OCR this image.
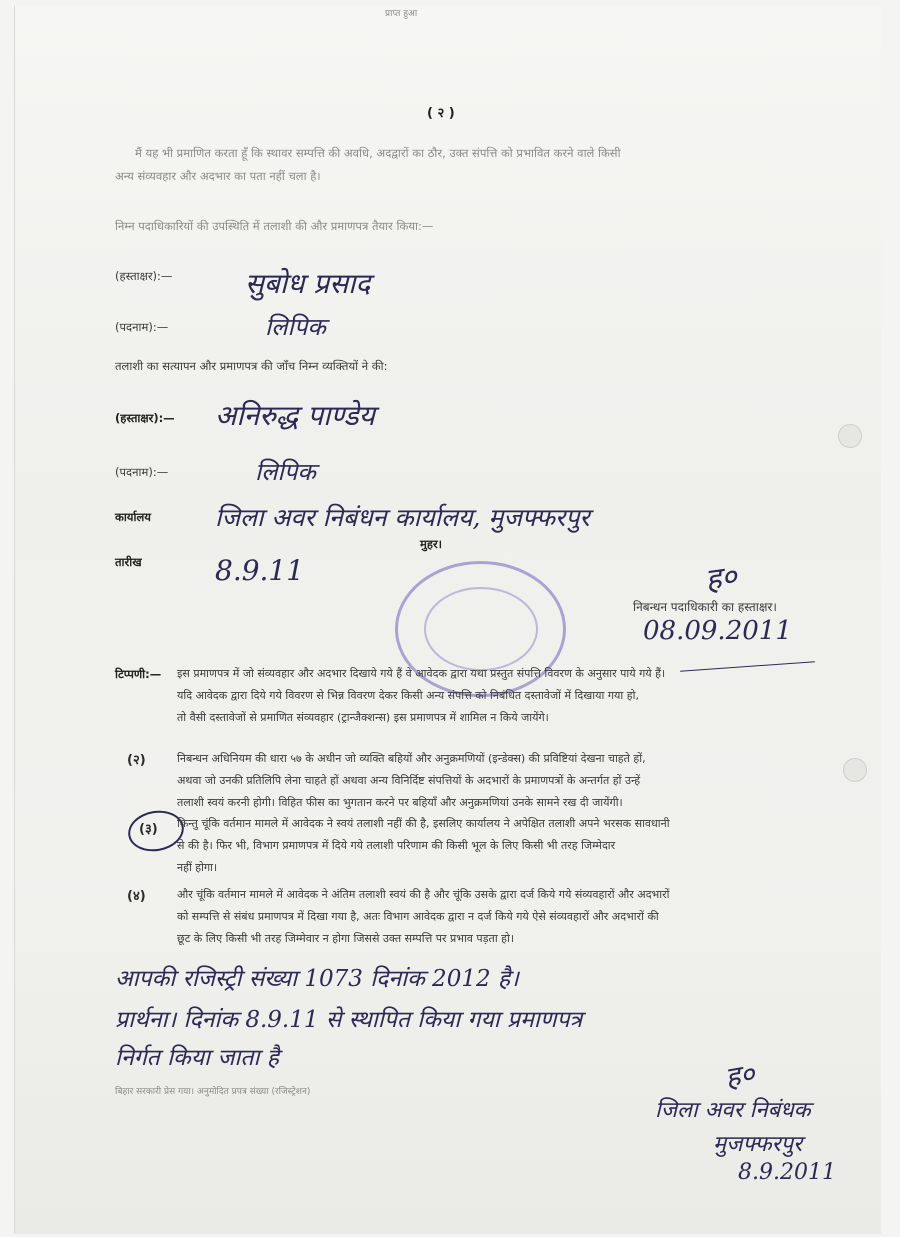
प्राप्त हुआ
( २ )
मैं यह भी प्रमाणित करता हूँ कि स्थावर सम्पत्ति की अवधि, अदद्वारों का ठौर, उक्त संपत्ति को प्रभावित करने वाले किसी
अन्य संव्यवहार और अदभार का पता नहीं चला है।
निम्न पदाधिकारियों की उपस्थिति में तलाशी की और प्रमाणपत्र तैयार किया:—
(हस्ताक्षर):—	सुबोध प्रसाद
(पदनाम):—	लिपिक
तलाशी का सत्यापन और प्रमाणपत्र की जाँच निम्न व्यक्तियों ने की:
(हस्ताक्षर):— अनिरुद्ध पाण्डेय
(पदनाम):—	लिपिक
कार्यालय	जिला अवर निबंधन कार्यालय, मुजफ्फरपुर
मुहर।
तारीख	8.9.11	ह०
निबन्धन पदाधिकारी का हस्ताक्षर।
08.09.2011
टिप्पणी:— इस प्रमाणपत्र में जो संव्यवहार और अदभार दिखाये गये हैं वे आवेदक द्वारा यथा प्रस्तुत संपत्ति विवरण के अनुसार पाये गये हैं।
यदि आवेदक द्वारा दिये गये विवरण से भिन्न विवरण देकर किसी अन्य संपत्ति को निबंधित दस्तावेजों में दिखाया गया हो,
तो वैसी दस्तावेजों से प्रमाणित संव्यवहार (ट्रान्जैक्शन्स) इस प्रमाणपत्र में शामिल न किये जायेंगे।
(२)	निबन्धन अधिनियम की धारा ५७ के अधीन जो व्यक्ति बहियों और अनुक्रमणियों (इन्डेक्स) की प्रविष्टियां देखना चाहते हों,
अथवा जो उनकी प्रतिलिपि लेना चाहते हों अथवा अन्य विनिर्दिष्ट संपत्तियों के अदभारों के प्रमाणपत्रों के अन्तर्गत हों उन्हें
तलाशी स्वयं करनी होगी। विहित फीस का भुगतान करने पर बहियाँ और अनुक्रमणियां उनके सामने रख दी जायेंगी।
(३) किन्तु चूंकि वर्तमान मामले में आवेदक ने स्वयं तलाशी नहीं की है, इसलिए कार्यालय ने अपेक्षित तलाशी अपने भरसक सावधानी
से की है। फिर भी, विभाग प्रमाणपत्र में दिये गये तलाशी परिणाम की किसी भूल के लिए किसी भी तरह जिम्मेदार
नहीं होगा।
(४)	और चूंकि वर्तमान मामले में आवेदक ने अंतिम तलाशी स्वयं की है और चूंकि उसके द्वारा दर्ज किये गये संव्यवहारों और अदभारों
को सम्पत्ति से संबंध प्रमाणपत्र में दिखा गया है, अतः विभाग आवेदक द्वारा न दर्ज किये गये ऐसे संव्यवहारों और अदभारों की
छूट के लिए किसी भी तरह जिम्मेवार न होगा जिससे उक्त सम्पत्ति पर प्रभाव पड़ता हो।
आपकी रजिस्ट्री संख्या 1073 दिनांक 2012 है।
प्रार्थना। दिनांक 8.9.11 से स्थापित किया गया प्रमाणपत्र
निर्गत किया जाता है
बिहार सरकारी प्रेस गया। अनुमोदित प्रपत्र संख्या (रजिस्ट्रेशन)	ह०
जिला अवर निबंधक
मुजफ्फरपुर
8.9.2011
